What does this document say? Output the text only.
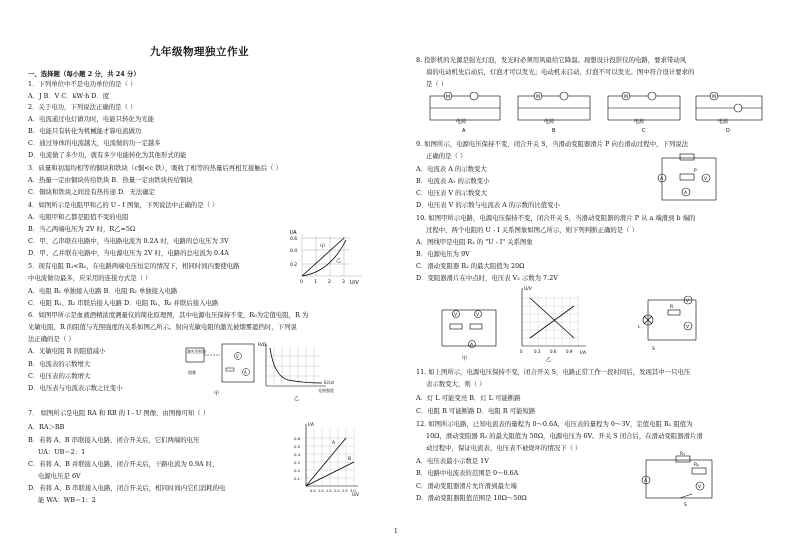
九年级物理独立作业
一、选择题（每小题 2 分，共 24 分）
1．下列单位中不是电功单位的是（ ）
A．J B．V C．kW·h D．度
2．关于电功，下列说法正确的是（ ）
A．电流通过电灯做功时，电能只转化为光能
B．电能只有转化为机械能才算电流做功
C．通过导体的电流越大，电流做的功一定越多
D．电流做了多少功，就有多少电能转化为其他形式的能
3．质量和初温均相等的铜块和铁块（c铜<c 铁），吸收了相等的热量后再相互接触后（ ）
A．热量一定由铜块传给铁块 B．热量一定由铁块传给铜块
C．铜块和铁块之间没有热传递 D．无法确定
4．如图所示是电阻甲和乙的 U - I 图象，下列说法中正确的是（ ）
A．电阻甲和乙都是阻值不变的电阻
B．当乙两端电压为 2V 时，R乙=5Ω
C．甲、乙串联在电路中，当电路电流为 0.2A 时，电路的总电压为 3V
D．甲、乙并联在电路中，当电源电压为 2V 时，电路的总电流为 0.4A
5．现有电阻 R₁<R₂，在电路两端电压恒定的情况下，相同时间内要使电路
中电流做功最多，应采用的连接方式是（ ）
A．电阻 R₁ 单独接入电路 B．电阻 R₂ 单独接入电路
C．电阻 R₁、R₂ 串联后接入电路 D．电阻 R₁、R₂ 并联后接入电路
6．如图甲所示是血液酒精浓度测量仪的简化原理图，其中电源电压保持不变，R₀为定值电阻，R 为
光敏电阻，R 的阻值与光照强度的关系如图乙所示。射向光敏电阻的激光被烟雾遮挡时，下列说
法正确的是（ ）
A．光敏电阻 R 的阻值减小
B．电流表的示数增大
C．电压表的示数增大
D．电压表与电流表示数之比变小
7． 如图所示是电阻 RA 和 RB 的 I - U 图像，由图像可知（ ）
A．RA＞RB
B．若将 A、B 串联接入电路，闭合开关后，它们两端的电压
UA：UB＝2：1
C．若将 A、B 并联接入电路，闭合开关后，干路电流为 0.9A 时，
电源电压是 6V
D．若将 A、B 串联接入电路，闭合开关后，相同时间内它们消耗的电
能 WA：WB＝1：2
I/A
U/V
甲
乙
0.6
0.4
0.2
0 1 2 3
激光发射器
烟雾
V
A
甲
R/Ω
E/cd
光照强度
乙
A
B
I/A
U/V
0.6
0.5
0.4
0.3
0.2
0.1
0.5 1.0 1.5 2.0 2.5 3.0
8. 投影机的光源是强光灯泡，发光时必须用风扇给它降温。现想设计投影仪的电路，要求带动风
扇的电动机先启动后，灯泡才可以发光；电动机未启动，灯泡不可以发光。图中符合设计要求的
是（ ）
9. 如图所示，电源电压保持不变，闭合开关 S，当滑动变阻器滑片 P 向右滑动过程中，下列说法
正确的是（ ）
A．电流表 A 的示数变大
B．电流表 A₁ 的示数变小
C．电压表 V 的示数变大
D．电压表 V 的示数与电流表 A 的示数的比值变小
10. 如图甲所示电路，电源电压保持不变，闭合开关 S，当滑动变阻器的滑片 P 从 a 端滑到 b 端的
过程中，两个电阻的 U - I 关系图象如图乙所示，则下列判断正确的是（ ）
A．图线甲是电阻 R₁ 的 "U - I" 关系图象
B．电源电压为 9V
C．滑动变阻器 R₂ 的最大阻值为 20Ω
D．变阻器滑片在中点时，电压表 V₂ 示数为 7.2V
11. 如上图所示，电源电压保持不变，闭合开关 S，电路正常工作一段时间后，发现其中一只电压
表示数变大，则（ ）
A．灯 L 可能变亮 B．灯 L 可能断路
C．电阻 R 可能断路 D．电阻 R 可能短路
12. 如图所示电路，已知电流表的量程为 0～0.6A，电压表的量程为 0～3V，定值电阻 R₁ 阻值为
10Ω，滑动变阻器 R₂ 的最大阻值为 50Ω，电源电压为 6V。开关 S 闭合后，在滑动变阻器滑片滑
动过程中，保证电流表、电压表不被烧坏的情况下（ ）
A．电压表最小示数是 1V
B．电路中电流表的范围是 0～0.6A
C．滑动变阻器滑片允许滑到最左端
D．滑动变阻器阻值范围是 10Ω～50Ω
M	M	M	M
电源	电源	电源	电源
A	B	C	D
A	V
A
P
V	V
A
甲
U/V
I/A
0	0.3 0.6 0.9
乙
V
V
L
R
S
A
V
R₁
R₂
S
1
